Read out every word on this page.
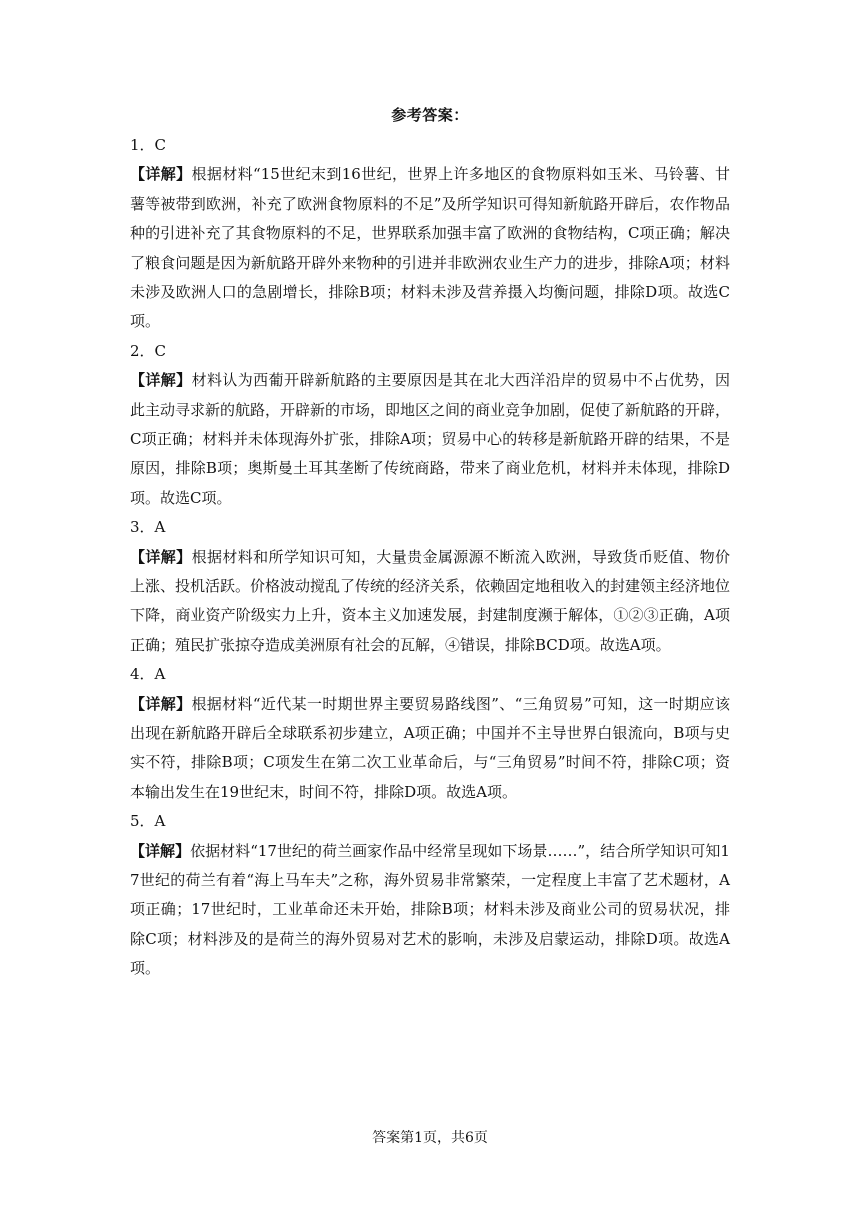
参考答案：
1．C
【详解】根据材料“15世纪末到16世纪，世界上许多地区的食物原料如玉米、马铃薯、甘薯等被带到欧洲，补充了欧洲食物原料的不足”及所学知识可得知新航路开辟后，农作物品种的引进补充了其食物原料的不足，世界联系加强丰富了欧洲的食物结构，C项正确；解决了粮食问题是因为新航路开辟外来物种的引进并非欧洲农业生产力的进步，排除A项；材料未涉及欧洲人口的急剧增长，排除B项；材料未涉及营养摄入均衡问题，排除D项。故选C项。
2．C
【详解】材料认为西葡开辟新航路的主要原因是其在北大西洋沿岸的贸易中不占优势，因此主动寻求新的航路，开辟新的市场，即地区之间的商业竞争加剧，促使了新航路的开辟，C项正确；材料并未体现海外扩张，排除A项；贸易中心的转移是新航路开辟的结果，不是原因，排除B项；奥斯曼土耳其垄断了传统商路，带来了商业危机，材料并未体现，排除D项。故选C项。
3．A
【详解】根据材料和所学知识可知，大量贵金属源源不断流入欧洲，导致货币贬值、物价上涨、投机活跃。价格波动搅乱了传统的经济关系，依赖固定地租收入的封建领主经济地位下降，商业资产阶级实力上升，资本主义加速发展，封建制度濒于解体，①②③正确，A项正确；殖民扩张掠夺造成美洲原有社会的瓦解，④错误，排除BCD项。故选A项。
4．A
【详解】根据材料“近代某一时期世界主要贸易路线图”、“三角贸易”可知，这一时期应该出现在新航路开辟后全球联系初步建立，A项正确；中国并不主导世界白银流向，B项与史实不符，排除B项；C项发生在第二次工业革命后，与“三角贸易”时间不符，排除C项；资本输出发生在19世纪末，时间不符，排除D项。故选A项。
5．A
【详解】依据材料“17世纪的荷兰画家作品中经常呈现如下场景……”，结合所学知识可知17世纪的荷兰有着“海上马车夫”之称，海外贸易非常繁荣，一定程度上丰富了艺术题材，A项正确；17世纪时，工业革命还未开始，排除B项；材料未涉及商业公司的贸易状况，排除C项；材料涉及的是荷兰的海外贸易对艺术的影响，未涉及启蒙运动，排除D项。故选A项。
答案第1页，共6页
